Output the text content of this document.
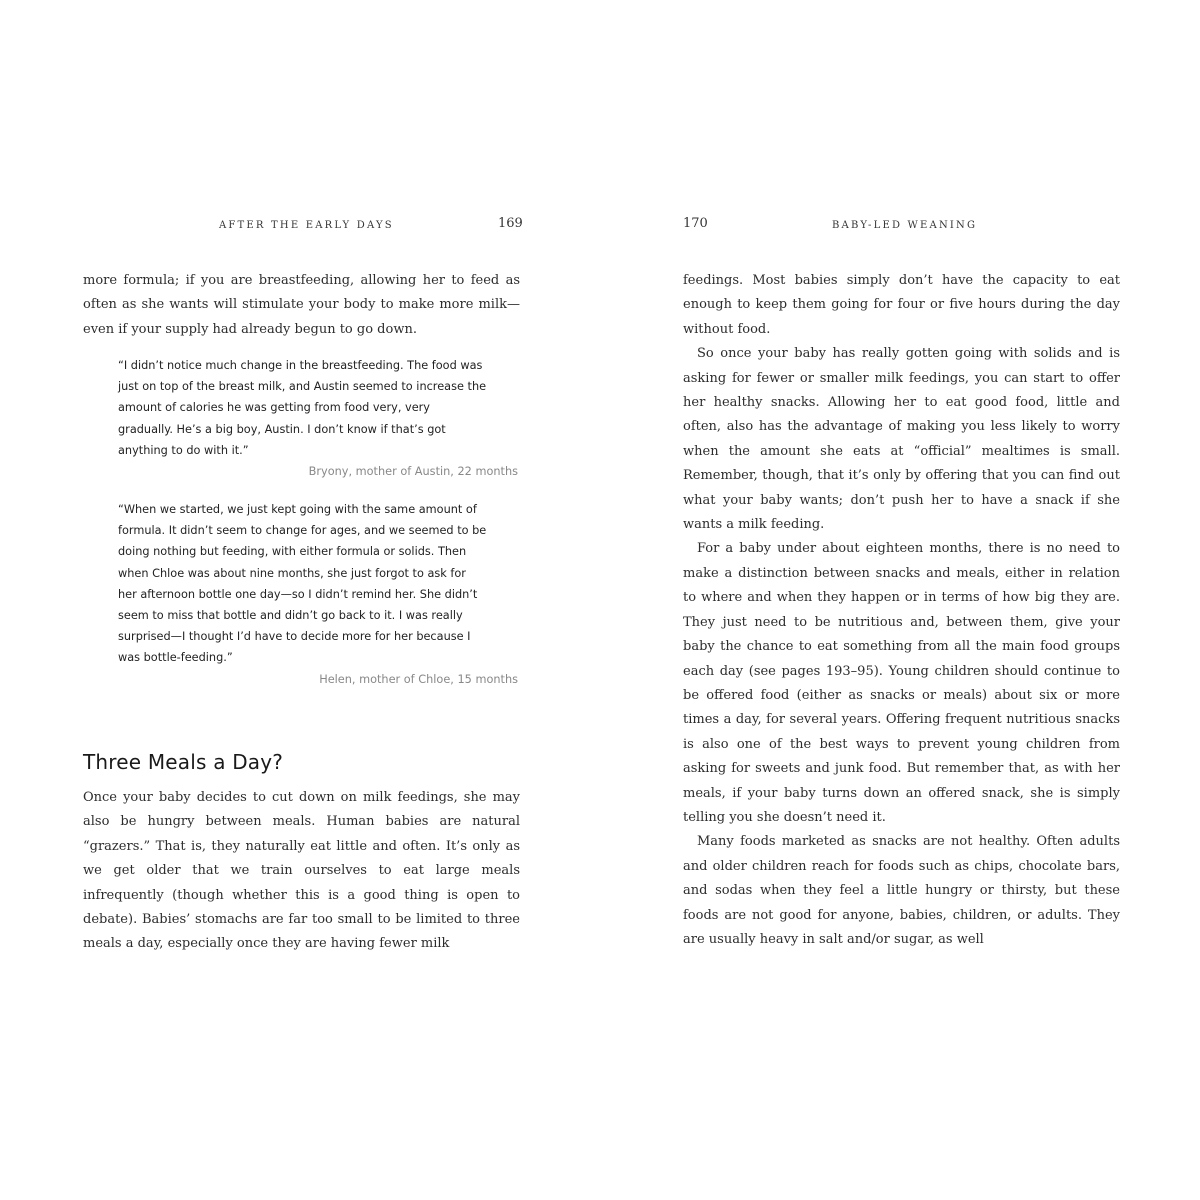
AFTER THE EARLY DAYS	169

more formula; if you are breastfeeding, allowing her to feed as often as she wants will stimulate your body to make more milk—even if your supply had already begun to go down.

“I didn’t notice much change in the breastfeeding. The food was just on top of the breast milk, and Austin seemed to increase the amount of calories he was getting from food very, very gradually. He’s a big boy, Austin. I don’t know if that’s got anything to do with it.”

Bryony, mother of Austin, 22 months

“When we started, we just kept going with the same amount of formula. It didn’t seem to change for ages, and we seemed to be doing nothing but feeding, with either formula or solids. Then when Chloe was about nine months, she just forgot to ask for her afternoon bottle one day—so I didn’t remind her. She didn’t seem to miss that bottle and didn’t go back to it. I was really surprised—I thought I’d have to decide more for her because I was bottle-feeding.”

Helen, mother of Chloe, 15 months

Three Meals a Day?

Once your baby decides to cut down on milk feedings, she may also be hungry between meals. Human babies are natural “grazers.” That is, they naturally eat little and often. It’s only as we get older that we train ourselves to eat large meals infrequently (though whether this is a good thing is open to debate). Babies’ stomachs are far too small to be limited to three meals a day, especially once they are having fewer milk

170	BABY-LED WEANING

feedings. Most babies simply don’t have the capacity to eat enough to keep them going for four or five hours during the day without food.

So once your baby has really gotten going with solids and is asking for fewer or smaller milk feedings, you can start to offer her healthy snacks. Allowing her to eat good food, little and often, also has the advantage of making you less likely to worry when the amount she eats at “official” mealtimes is small. Remember, though, that it’s only by offering that you can find out what your baby wants; don’t push her to have a snack if she wants a milk feeding.

For a baby under about eighteen months, there is no need to make a distinction between snacks and meals, either in relation to where and when they happen or in terms of how big they are. They just need to be nutritious and, between them, give your baby the chance to eat something from all the main food groups each day (see pages 193–95). Young children should continue to be offered food (either as snacks or meals) about six or more times a day, for several years. Offering frequent nutritious snacks is also one of the best ways to prevent young children from asking for sweets and junk food. But remember that, as with her meals, if your baby turns down an offered snack, she is simply telling you she doesn’t need it.

Many foods marketed as snacks are not healthy. Often adults and older children reach for foods such as chips, chocolate bars, and sodas when they feel a little hungry or thirsty, but these foods are not good for anyone, babies, children, or adults. They are usually heavy in salt and/or sugar, as well
